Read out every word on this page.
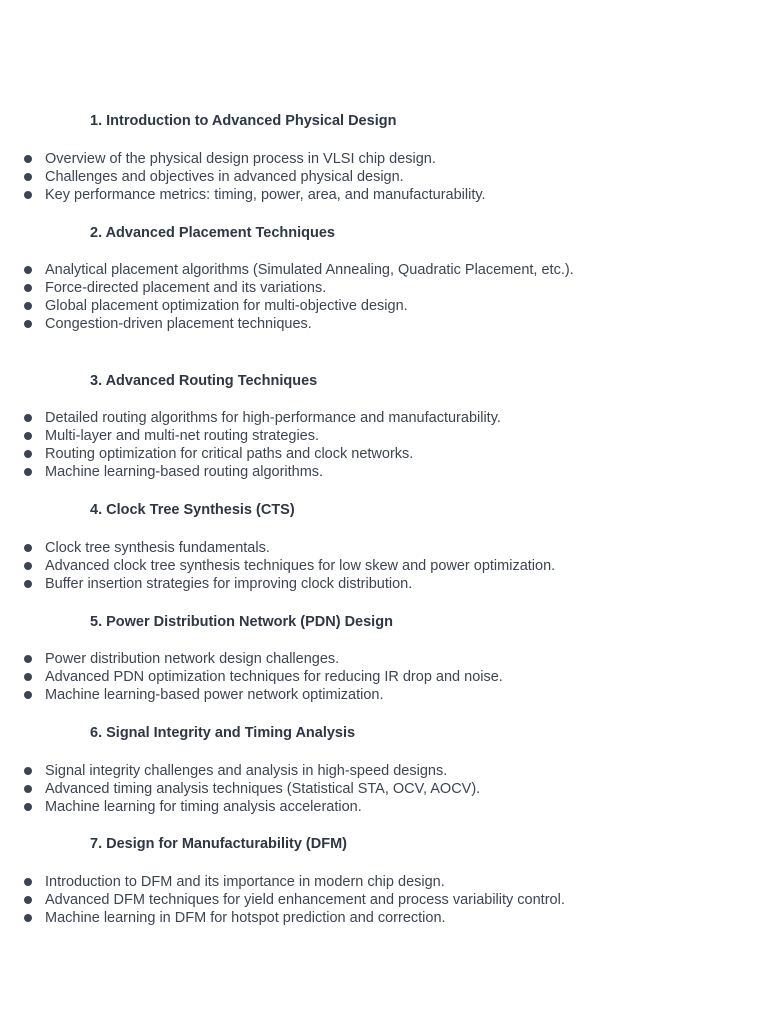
1. Introduction to Advanced Physical Design
Overview of the physical design process in VLSI chip design.
Challenges and objectives in advanced physical design.
Key performance metrics: timing, power, area, and manufacturability.
2. Advanced Placement Techniques
Analytical placement algorithms (Simulated Annealing, Quadratic Placement, etc.).
Force-directed placement and its variations.
Global placement optimization for multi-objective design.
Congestion-driven placement techniques.
3. Advanced Routing Techniques
Detailed routing algorithms for high-performance and manufacturability.
Multi-layer and multi-net routing strategies.
Routing optimization for critical paths and clock networks.
Machine learning-based routing algorithms.
4. Clock Tree Synthesis (CTS)
Clock tree synthesis fundamentals.
Advanced clock tree synthesis techniques for low skew and power optimization.
Buffer insertion strategies for improving clock distribution.
5. Power Distribution Network (PDN) Design
Power distribution network design challenges.
Advanced PDN optimization techniques for reducing IR drop and noise.
Machine learning-based power network optimization.
6. Signal Integrity and Timing Analysis
Signal integrity challenges and analysis in high-speed designs.
Advanced timing analysis techniques (Statistical STA, OCV, AOCV).
Machine learning for timing analysis acceleration.
7. Design for Manufacturability (DFM)
Introduction to DFM and its importance in modern chip design.
Advanced DFM techniques for yield enhancement and process variability control.
Machine learning in DFM for hotspot prediction and correction.
